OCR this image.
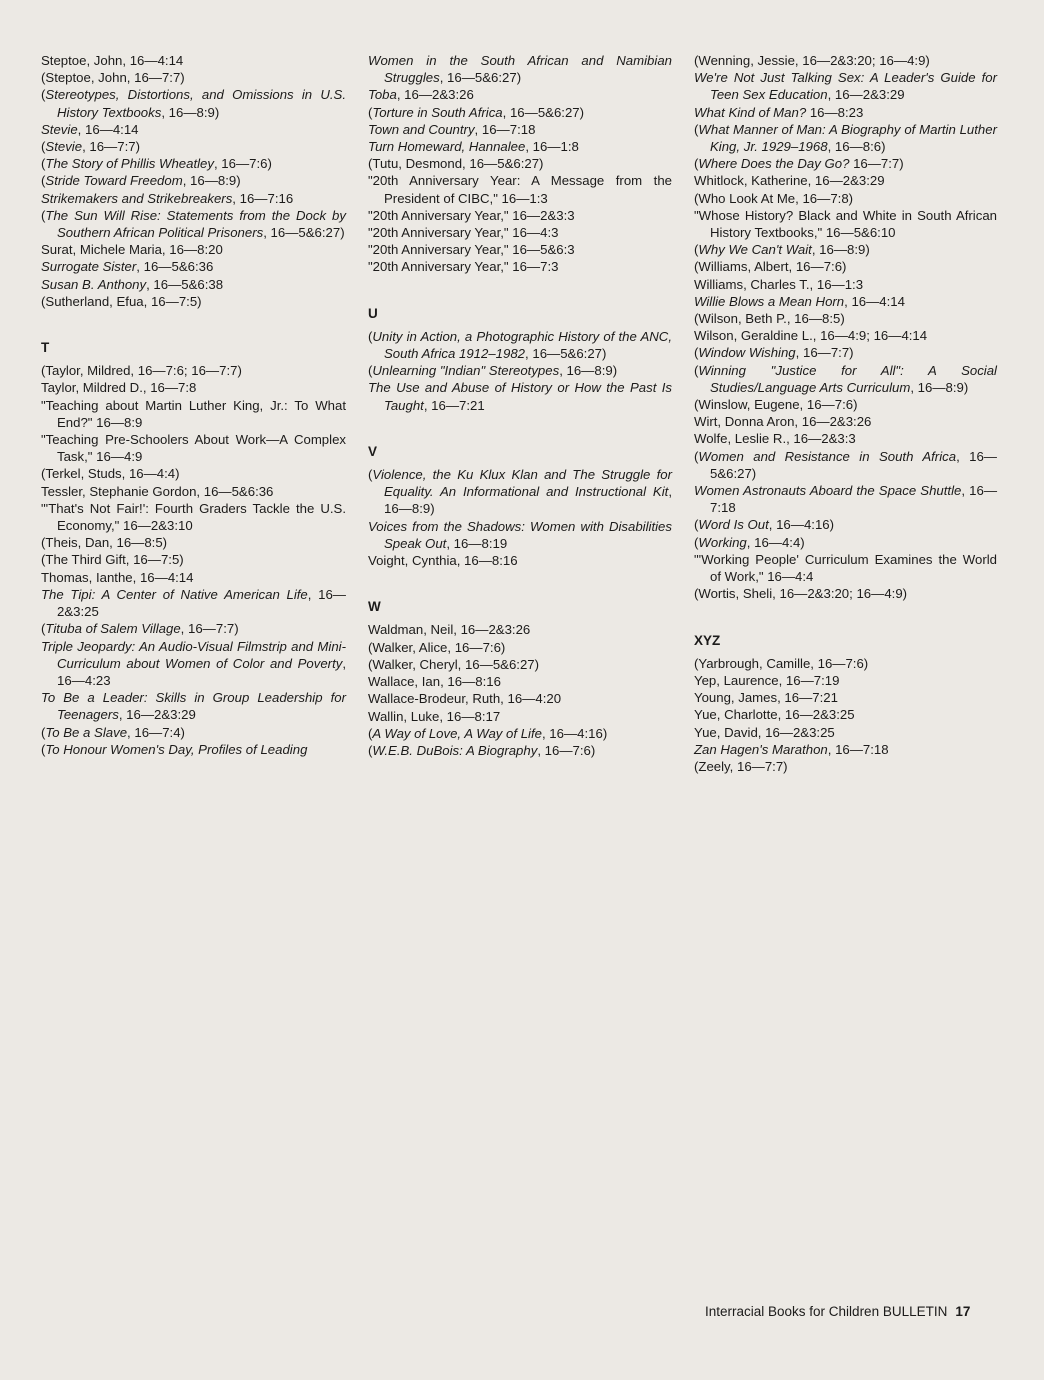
Steptoe, John, 16—4:14

(Steptoe, John, 16—7:7)

(Stereotypes, Distortions, and Omissions in U.S. History Textbooks, 16—8:9)

Stevie, 16—4:14

(Stevie, 16—7:7)

(The Story of Phillis Wheatley, 16—7:6)

(Stride Toward Freedom, 16—8:9)

Strikemakers and Strikebreakers, 16—7:16

(The Sun Will Rise: Statements from the Dock by Southern African Political Prisoners, 16—5&6:27)

Surat, Michele Maria, 16—8:20

Surrogate Sister, 16—5&6:36

Susan B. Anthony, 16—5&6:38

(Sutherland, Efua, 16—7:5)

T

(Taylor, Mildred, 16—7:6; 16—7:7)

Taylor, Mildred D., 16—7:8

"Teaching about Martin Luther King, Jr.: To What End?" 16—8:9

"Teaching Pre-Schoolers About Work—A Complex Task," 16—4:9

(Terkel, Studs, 16—4:4)

Tessler, Stephanie Gordon, 16—5&6:36

"'That's Not Fair!': Fourth Graders Tackle the U.S. Economy," 16—2&3:10

(Theis, Dan, 16—8:5)

(The Third Gift, 16—7:5)

Thomas, Ianthe, 16—4:14

The Tipi: A Center of Native American Life, 16—2&3:25

(Tituba of Salem Village, 16—7:7)

Triple Jeopardy: An Audio-Visual Filmstrip and Mini-Curriculum about Women of Color and Poverty, 16—4:23

To Be a Leader: Skills in Group Leadership for Teenagers, 16—2&3:29

(To Be a Slave, 16—7:4)

(To Honour Women's Day, Profiles of Leading

Women in the South African and Namibian Struggles, 16—5&6:27)

Toba, 16—2&3:26

(Torture in South Africa, 16—5&6:27)

Town and Country, 16—7:18

Turn Homeward, Hannalee, 16—1:8

(Tutu, Desmond, 16—5&6:27)

"20th Anniversary Year: A Message from the President of CIBC," 16—1:3

"20th Anniversary Year," 16—2&3:3

"20th Anniversary Year," 16—4:3

"20th Anniversary Year," 16—5&6:3

"20th Anniversary Year," 16—7:3

U

(Unity in Action, a Photographic History of the ANC, South Africa 1912–1982, 16—5&6:27)

(Unlearning "Indian" Stereotypes, 16—8:9)

The Use and Abuse of History or How the Past Is Taught, 16—7:21

V

(Violence, the Ku Klux Klan and The Struggle for Equality. An Informational and Instructional Kit, 16—8:9)

Voices from the Shadows: Women with Disabilities Speak Out, 16—8:19

Voight, Cynthia, 16—8:16

W

Waldman, Neil, 16—2&3:26

(Walker, Alice, 16—7:6)

(Walker, Cheryl, 16—5&6:27)

Wallace, Ian, 16—8:16

Wallace-Brodeur, Ruth, 16—4:20

Wallin, Luke, 16—8:17

(A Way of Love, A Way of Life, 16—4:16)

(W.E.B. DuBois: A Biography, 16—7:6)

(Wenning, Jessie, 16—2&3:20; 16—4:9)

We're Not Just Talking Sex: A Leader's Guide for Teen Sex Education, 16—2&3:29

What Kind of Man? 16—8:23

(What Manner of Man: A Biography of Martin Luther King, Jr. 1929–1968, 16—8:6)

(Where Does the Day Go? 16—7:7)

Whitlock, Katherine, 16—2&3:29

(Who Look At Me, 16—7:8)

"Whose History? Black and White in South African History Textbooks," 16—5&6:10

(Why We Can't Wait, 16—8:9)

(Williams, Albert, 16—7:6)

Williams, Charles T., 16—1:3

Willie Blows a Mean Horn, 16—4:14

(Wilson, Beth P., 16—8:5)

Wilson, Geraldine L., 16—4:9; 16—4:14

(Window Wishing, 16—7:7)

(Winning "Justice for All": A Social Studies/Language Arts Curriculum, 16—8:9)

(Winslow, Eugene, 16—7:6)

Wirt, Donna Aron, 16—2&3:26

Wolfe, Leslie R., 16—2&3:3

(Women and Resistance in South Africa, 16—5&6:27)

Women Astronauts Aboard the Space Shuttle, 16—7:18

(Word Is Out, 16—4:16)

(Working, 16—4:4)

"'Working People' Curriculum Examines the World of Work," 16—4:4

(Wortis, Sheli, 16—2&3:20; 16—4:9)

XYZ

(Yarbrough, Camille, 16—7:6)

Yep, Laurence, 16—7:19

Young, James, 16—7:21

Yue, Charlotte, 16—2&3:25

Yue, David, 16—2&3:25

Zan Hagen's Marathon, 16—7:18

(Zeely, 16—7:7)

Interracial Books for Children BULLETIN 17
